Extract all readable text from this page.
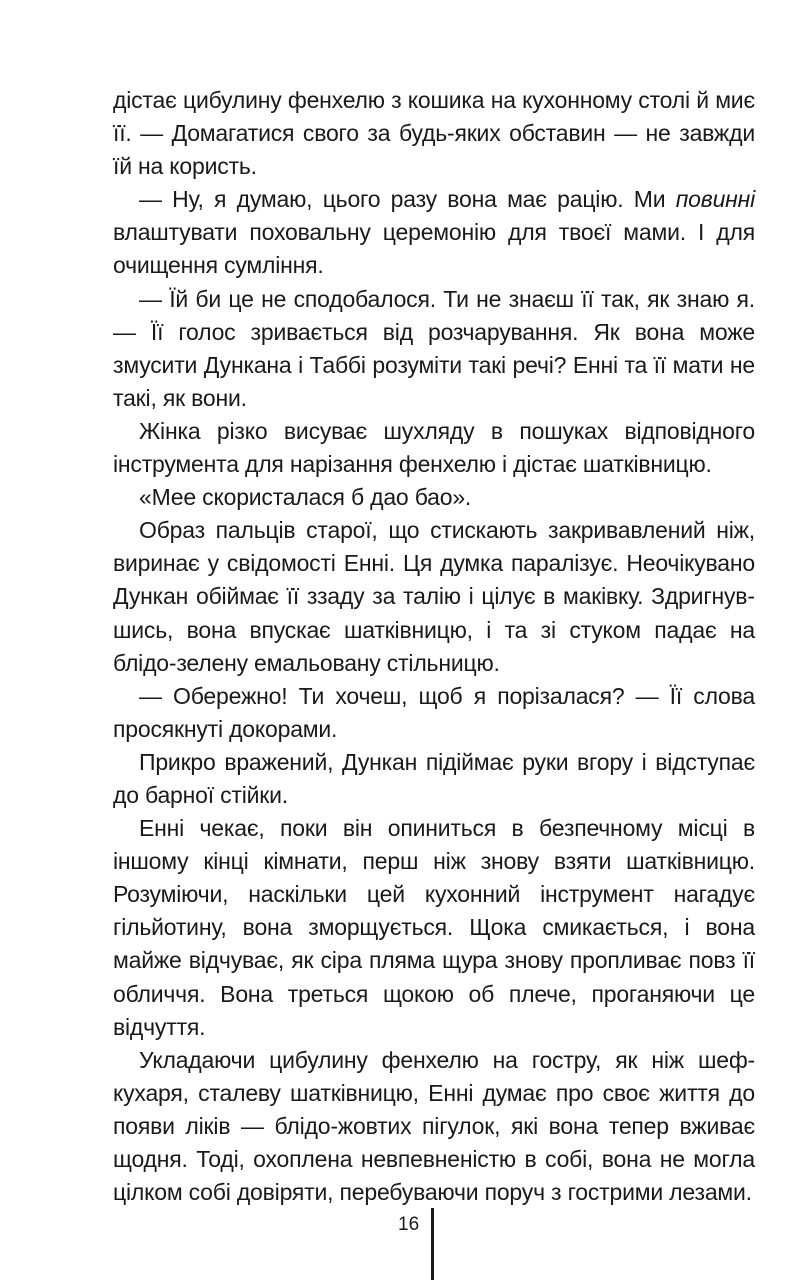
дістає цибулину фенхелю з кошика на кухонному столі й миє її. — Домагатися свого за будь-яких обставин — не завжди їй на користь.

— Ну, я думаю, цього разу вона має рацію. Ми повинні влаштувати поховальну церемонію для твоєї мами. І для очищення сумління.

— Їй би це не сподобалося. Ти не знаєш її так, як знаю я. — Її голос зривається від розчарування. Як вона може змусити Дункана і Таббі розуміти такі речі? Енні та її мати не такі, як вони.

Жінка різко висуває шухляду в пошуках відповідного інструмента для нарізання фенхелю і дістає шатківницю.

«Мее скористалася б дао бао».

Образ пальців старої, що стискають закривавлений ніж, виринає у свідомості Енні. Ця думка паралізує. Неочікувано Дункан обіймає її ззаду за талію і цілує в маківку. Здригнувшись, вона впускає шатківницю, і та зі стуком падає на блідо-зелену емальовану стільницю.

— Обережно! Ти хочеш, щоб я порізалася? — Її слова просякнуті докорами.

Прикро вражений, Дункан підіймає руки вгору і відступає до барної стійки.

Енні чекає, поки він опиниться в безпечному місці в іншому кінці кімнати, перш ніж знову взяти шатківницю. Розуміючи, наскільки цей кухонний інструмент нагадує гільйотину, вона зморщується. Щока смикається, і вона майже відчуває, як сіра пляма щура знову пропливає повз її обличчя. Вона треться щокою об плече, проганяючи це відчуття.

Укладаючи цибулину фенхелю на гостру, як ніж шеф-кухаря, сталеву шатківницю, Енні думає про своє життя до появи ліків — блідо-жовтих пігулок, які вона тепер вживає щодня. Тоді, охоплена невпевненістю в собі, вона не могла цілком собі довіряти, перебуваючи поруч з гострими лезами.

16
